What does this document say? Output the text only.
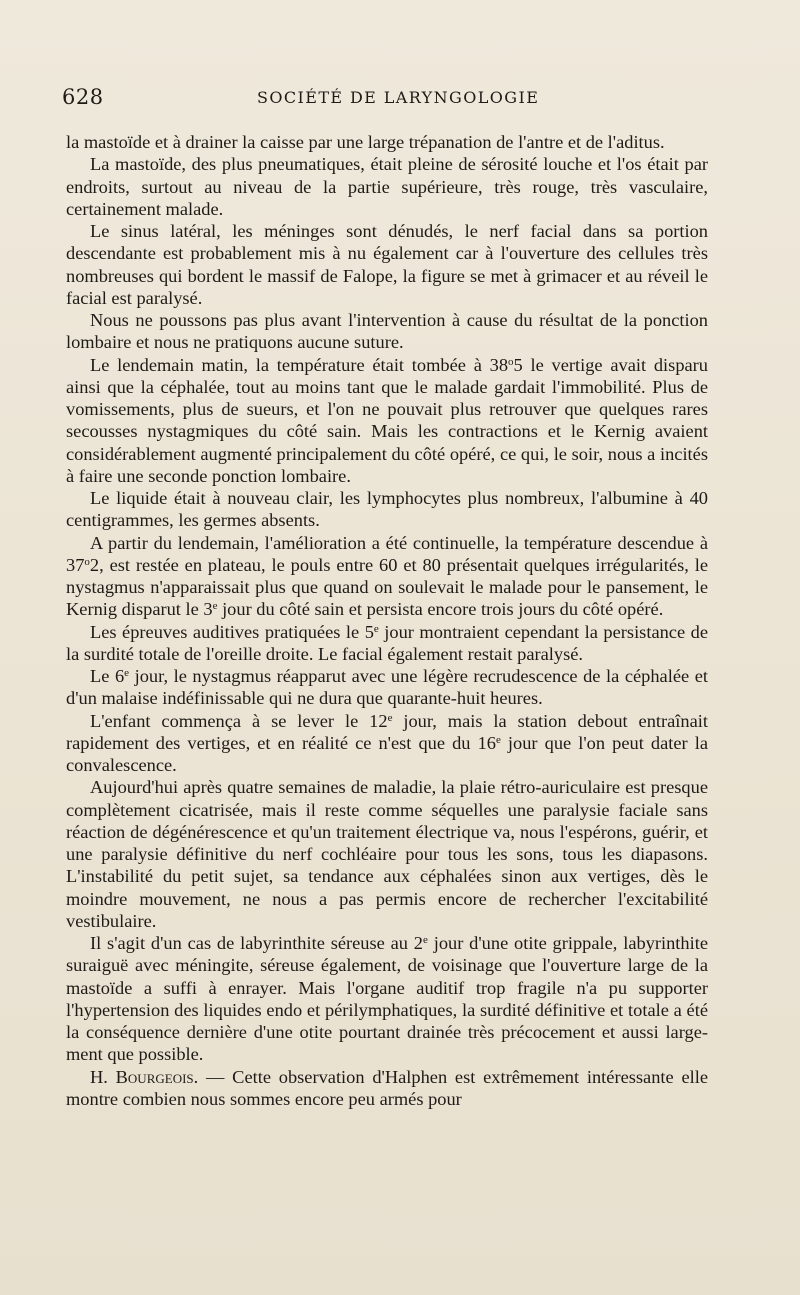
628	SOCIÉTÉ DE LARYNGOLOGIE

la mastoïde et à drainer la caisse par une large trépanation de l'antre et de l'aditus.

La mastoïde, des plus pneumatiques, était pleine de sérosité louche et l'os était par endroits, surtout au niveau de la partie supérieure, très rouge, très vasculaire, certainement malade.

Le sinus latéral, les méninges sont dénudés, le nerf facial dans sa portion descendante est probablement mis à nu également car à l'ouverture des cellules très nombreuses qui bordent le massif de Falope, la figure se met à grimacer et au réveil le facial est paralysé.

Nous ne poussons pas plus avant l'intervention à cause du résultat de la ponction lombaire et nous ne pratiquons aucune suture.

Le lendemain matin, la température était tombée à 38$^o$5 le vertige avait disparu ainsi que la céphalée, tout au moins tant que le malade gardait l'immobilité. Plus de vomissements, plus de sueurs, et l'on ne pouvait plus retrouver que quelques rares secousses nystagmiques du côté sain. Mais les contractions et le Kernig avaient considérablement augmenté principalement du côté opéré, ce qui, le soir, nous a incités à faire une seconde ponction lombaire.

Le liquide était à nouveau clair, les lymphocytes plus nombreux, l'albumine à 40 centigrammes, les germes absents.

A partir du lendemain, l'amélioration a été continuelle, la température descendue à 37$^o$2, est restée en plateau, le pouls entre 60 et 80 présentait quelques irrégularités, le nystagmus n'apparaissait plus que quand on soulevait le malade pour le pansement, le Kernig disparut le 3e jour du côté sain et persista encore trois jours du côté opéré.

Les épreuves auditives pratiquées le 5e jour montraient cependant la persistance de la surdité totale de l'oreille droite. Le facial également restait paralysé.

Le 6e jour, le nystagmus réapparut avec une légère recrudescence de la céphalée et d'un malaise indéfinissable qui ne dura que quarante-huit heures.

L'enfant commença à se lever le 12e jour, mais la station debout entraînait rapidement des vertiges, et en réalité ce n'est que du 16e jour que l'on peut dater la convalescence.

Aujourd'hui après quatre semaines de maladie, la plaie rétro-auriculaire est presque complètement cicatrisée, mais il reste comme séquelles une paralysie faciale sans réaction de dégénérescence et qu'un traitement électrique va, nous l'espérons, guérir, et une paralysie définitive du nerf cochléaire pour tous les sons, tous les diapasons. L'instabilité du petit sujet, sa tendance aux céphalées sinon aux vertiges, dès le moindre mouvement, ne nous a pas permis encore de rechercher l'excitabilité vestibulaire.

Il s'agit d'un cas de labyrinthite séreuse au 2e jour d'une otite grippale, labyrinthite suraiguë avec méningite, séreuse également, de voisinage que l'ouverture large de la mastoïde a suffi à enrayer. Mais l'organe auditif trop fragile n'a pu supporter l'hypertension des liquides endo et périlymphatiques, la surdité définitive et totale a été la conséquence dernière d'une otite pourtant drainée très précocement et aussi large-ment que possible.

H. Bourgeois. — Cette observation d'Halphen est extrêmement intéressante elle montre combien nous sommes encore peu armés pour
